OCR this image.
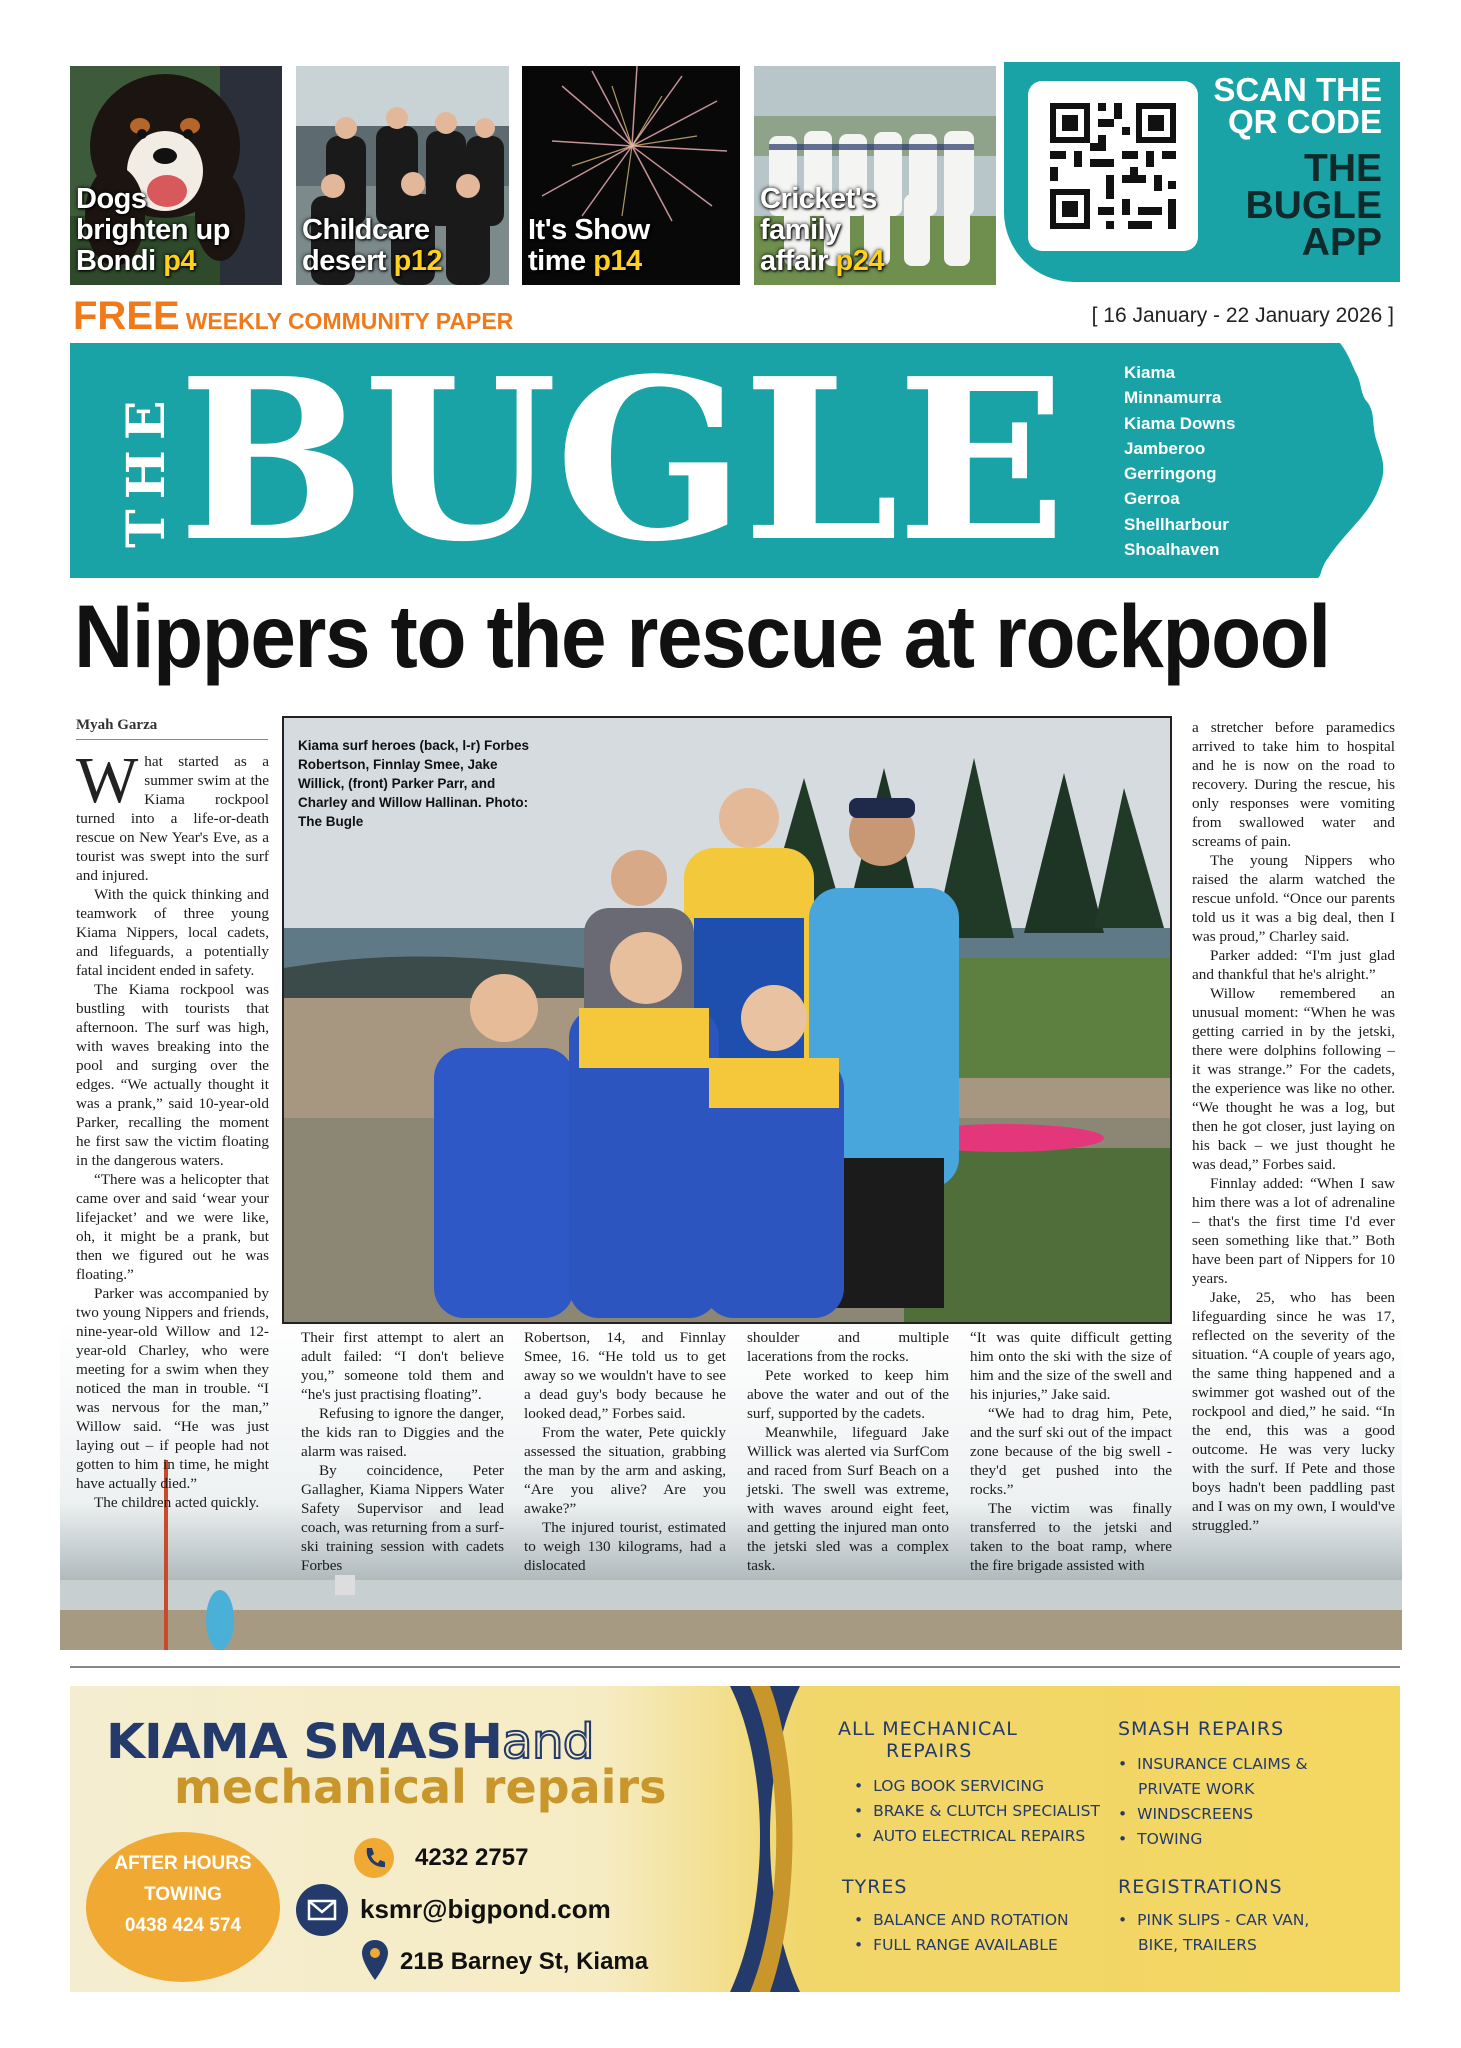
Dogs
brighten up
Bondi p4
Childcare
desert p12
It's Show
time p14
Cricket's
family
affair p24
SCAN THE
QR CODE
THE
BUGLE
APP
FREE WEEKLY COMMUNITY PAPER	[ 16 January - 22 January 2026 ]
THE BUGLE	Kiama
Minnamurra
Kiama Downs
Jamberoo
Gerringong
Gerroa
Shellharbour
Shoalhaven
Nippers to the rescue at rockpool
Myah Garza

What started as a summer swim at the Kiama rockpool turned into a life-or-death rescue on New Year's Eve, as a tourist was swept into the surf and injured.

With the quick thinking and teamwork of three young Kiama Nippers, local cadets, and lifeguards, a potentially fatal incident ended in safety.

The Kiama rockpool was bustling with tourists that afternoon. The surf was high, with waves breaking into the pool and surging over the edges. “We actually thought it was a prank,” said 10-year-old Parker, recalling the moment he first saw the victim floating in the dangerous waters.

“There was a helicopter that came over and said ‘wear your lifejacket’ and we were like, oh, it might be a prank, but then we figured out he was floating.”

Parker was accompanied by two young Nippers and friends, nine-year-old Willow and 12-year-old Charley, who were meeting for a swim when they noticed the man in trouble. “I was nervous for the man,” Willow said. “He was just laying out – if people had not gotten to him in time, he might have actually died.”

The children acted quickly.

Kiama surf heroes (back, l-r) Forbes Robertson, Finnlay Smee, Jake Willick, (front) Parker Parr, and Charley and Willow Hallinan. Photo: The Bugle

Their first attempt to alert an adult failed: “I don't believe you,” someone told them and “he's just practising floating”.

Refusing to ignore the danger, the kids ran to Diggies and the alarm was raised.

By coincidence, Peter Gallagher, Kiama Nippers Water Safety Supervisor and lead coach, was returning from a surf-ski training session with cadets Forbes

Robertson, 14, and Finnlay Smee, 16. “He told us to get away so we wouldn't have to see a dead guy's body because he looked dead,” Forbes said.

From the water, Pete quickly assessed the situation, grabbing the man by the arm and asking, “Are you alive? Are you awake?”

The injured tourist, estimated to weigh 130 kilograms, had a dislocated

shoulder and multiple lacerations from the rocks.

Pete worked to keep him above the water and out of the surf, supported by the cadets.

Meanwhile, lifeguard Jake Willick was alerted via SurfCom and raced from Surf Beach on a jetski. The swell was extreme, with waves around eight feet, and getting the injured man onto the jetski sled was a complex task.

“It was quite difficult getting him onto the ski with the size of him and the size of the swell and his injuries,” Jake said.

“We had to drag him, Pete, and the surf ski out of the impact zone because of the big swell - they'd get pushed into the rocks.”

The victim was finally transferred to the jetski and taken to the boat ramp, where the fire brigade assisted with

a stretcher before paramedics arrived to take him to hospital and he is now on the road to recovery. During the rescue, his only responses were vomiting from swallowed water and screams of pain.

The young Nippers who raised the alarm watched the rescue unfold. “Once our parents told us it was a big deal, then I was proud,” Charley said.

Parker added: “I'm just glad and thankful that he's alright.”

Willow remembered an unusual moment: “When he was getting carried in by the jetski, there were dolphins following – it was strange.” For the cadets, the experience was like no other. “We thought he was a log, but then he got closer, just laying on his back – we just thought he was dead,” Forbes said.

Finnlay added: “When I saw him there was a lot of adrenaline – that's the first time I'd ever seen something like that.” Both have been part of Nippers for 10 years.

Jake, 25, who has been lifeguarding since he was 17, reflected on the severity of the situation. “A couple of years ago, the same thing happened and a swimmer got washed out of the rockpool and died,” he said. “In the end, this was a good outcome. He was very lucky with the surf. If Pete and those boys hadn't been paddling past and I was on my own, I would've struggled.”

KIAMA SMASHand
mechanical repairs
AFTER HOURS
TOWING
0438 424 574
4232 2757
ksmr@bigpond.com
21B Barney St, Kiama
ALL MECHANICAL
REPAIRS
• LOG BOOK SERVICING
• BRAKE & CLUTCH SPECIALIST
• AUTO ELECTRICAL REPAIRS
TYRES
• BALANCE AND ROTATION
• FULL RANGE AVAILABLE
SMASH REPAIRS
• INSURANCE CLAIMS &
PRIVATE WORK
• WINDSCREENS
• TOWING
REGISTRATIONS
• PINK SLIPS - CAR VAN,
BIKE, TRAILERS
